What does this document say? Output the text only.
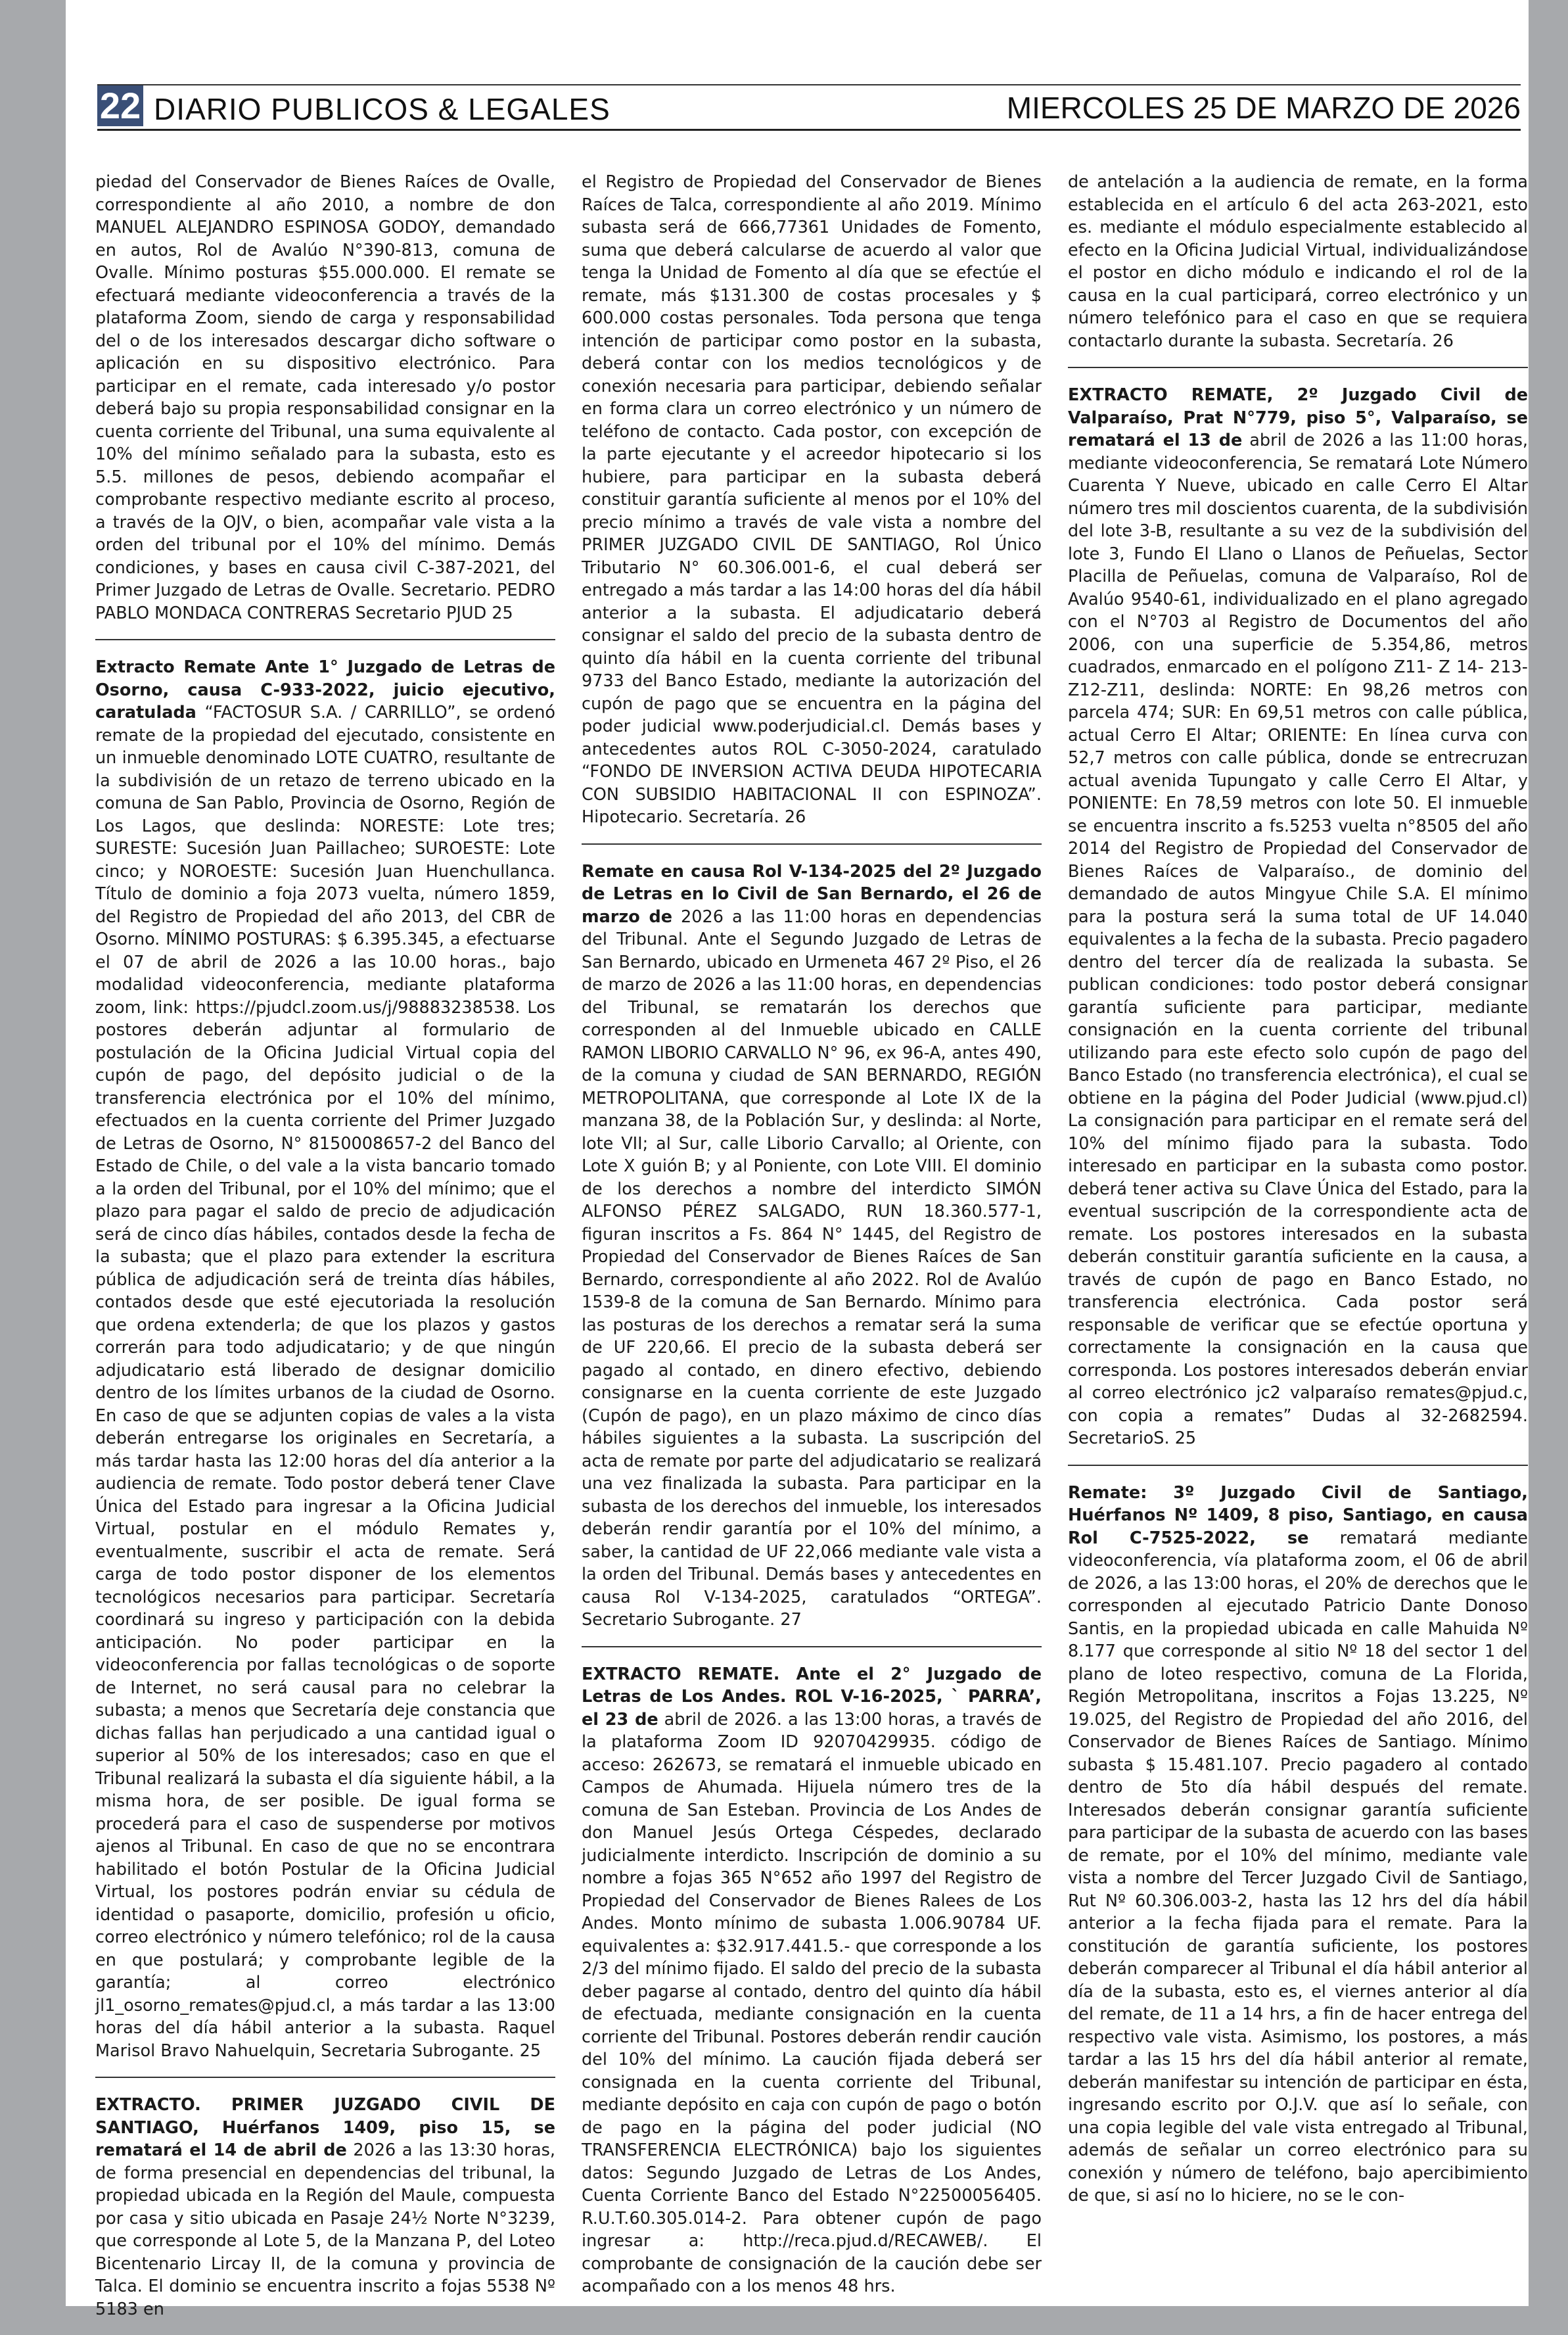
22 DIARIO PUBLICOS & LEGALES	MIERCOLES 25 DE MARZO DE 2026
piedad del Conservador de Bienes Raíces de Ovalle, correspondiente al año 2010, a nombre de don MANUEL ALEJANDRO ESPINOSA GODOY, demandado en autos, Rol de Avalúo N°390-813, comuna de Ovalle. Mínimo posturas $55.000.000. El remate se efectuará mediante videoconferencia a través de la plataforma Zoom, siendo de carga y responsabilidad del o de los interesados descargar dicho software o aplicación en su dispositivo electrónico. Para participar en el remate, cada interesado y/o postor deberá bajo su propia responsabilidad consignar en la cuenta corriente del Tribunal, una suma equivalente al 10% del mínimo señalado para la subasta, esto es 5.5. millones de pesos, debiendo acompañar el comprobante respectivo mediante escrito al proceso, a través de la OJV, o bien, acompañar vale vista a la orden del tribunal por el 10% del mínimo. Demás condiciones, y bases en causa civil C-387-2021, del Primer Juzgado de Letras de Ovalle. Secretario. PEDRO PABLO MONDACA CONTRERAS Secretario PJUD 25
Extracto Remate Ante 1° Juzgado de Letras de Osorno, causa C-933-2022, juicio ejecutivo, caratulada “FACTOSUR S.A. / CARRILLO”, se ordenó remate de la propiedad del ejecutado, consistente en un inmueble denominado LOTE CUATRO, resultante de la subdivisión de un retazo de terreno ubicado en la comuna de San Pablo, Provincia de Osorno, Región de Los Lagos, que deslinda: NORESTE: Lote tres; SURESTE: Sucesión Juan Paillacheo; SUROESTE: Lote cinco; y NOROESTE: Sucesión Juan Huenchullanca. Título de dominio a foja 2073 vuelta, número 1859, del Registro de Propiedad del año 2013, del CBR de Osorno. MÍNIMO POSTURAS: $ 6.395.345, a efectuarse el 07 de abril de 2026 a las 10.00 horas., bajo modalidad videoconferencia, mediante plataforma zoom, link: https://pjudcl.zoom.us/j/98883238538. Los postores deberán adjuntar al formulario de postulación de la Oficina Judicial Virtual copia del cupón de pago, del depósito judicial o de la transferencia electrónica por el 10% del mínimo, efectuados en la cuenta corriente del Primer Juzgado de Letras de Osorno, N° 8150008657-2 del Banco del Estado de Chile, o del vale a la vista bancario tomado a la orden del Tribunal, por el 10% del mínimo; que el plazo para pagar el saldo de precio de adjudicación será de cinco días hábiles, contados desde la fecha de la subasta; que el plazo para extender la escritura pública de adjudicación será de treinta días hábiles, contados desde que esté ejecutoriada la resolución que ordena extenderla; de que los plazos y gastos correrán para todo adjudicatario; y de que ningún adjudicatario está liberado de designar domicilio dentro de los límites urbanos de la ciudad de Osorno. En caso de que se adjunten copias de vales a la vista deberán entregarse los originales en Secretaría, a más tardar hasta las 12:00 horas del día anterior a la audiencia de remate. Todo postor deberá tener Clave Única del Estado para ingresar a la Oficina Judicial Virtual, postular en el módulo Remates y, eventualmente, suscribir el acta de remate. Será carga de todo postor disponer de los elementos tecnológicos necesarios para participar. Secretaría coordinará su ingreso y participación con la debida anticipación. No poder participar en la videoconferencia por fallas tecnológicas o de soporte de Internet, no será causal para no celebrar la subasta; a menos que Secretaría deje constancia que dichas fallas han perjudicado a una cantidad igual o superior al 50% de los interesados; caso en que el Tribunal realizará la subasta el día siguiente hábil, a la misma hora, de ser posible. De igual forma se procederá para el caso de suspenderse por motivos ajenos al Tribunal. En caso de que no se encontrara habilitado el botón Postular de la Oficina Judicial Virtual, los postores podrán enviar su cédula de identidad o pasaporte, domicilio, profesión u oficio, correo electrónico y número telefónico; rol de la causa en que postulará; y comprobante legible de la garantía; al correo electrónico jl1_osorno_remates@pjud.cl, a más tardar a las 13:00 horas del día hábil anterior a la subasta. Raquel Marisol Bravo Nahuelquin, Secretaria Subrogante. 25
EXTRACTO. PRIMER JUZGADO CIVIL DE SANTIAGO, Huérfanos 1409, piso 15, se rematará el 14 de abril de 2026 a las 13:30 horas, de forma presencial en dependencias del tribunal, la propiedad ubicada en la Región del Maule, compuesta por casa y sitio ubicada en Pasaje 24½ Norte N°3239, que corresponde al Lote 5, de la Manzana P, del Loteo Bicentenario Lircay II, de la comuna y provincia de Talca. El dominio se encuentra inscrito a fojas 5538 Nº 5183 en
el Registro de Propiedad del Conservador de Bienes Raíces de Talca, correspondiente al año 2019. Mínimo subasta será de 666,77361 Unidades de Fomento, suma que deberá calcularse de acuerdo al valor que tenga la Unidad de Fomento al día que se efectúe el remate, más $131.300 de costas procesales y $ 600.000 costas personales. Toda persona que tenga intención de participar como postor en la subasta, deberá contar con los medios tecnológicos y de conexión necesaria para participar, debiendo señalar en forma clara un correo electrónico y un número de teléfono de contacto. Cada postor, con excepción de la parte ejecutante y el acreedor hipotecario si los hubiere, para participar en la subasta deberá constituir garantía suficiente al menos por el 10% del precio mínimo a través de vale vista a nombre del PRIMER JUZGADO CIVIL DE SANTIAGO, Rol Único Tributario N° 60.306.001-6, el cual deberá ser entregado a más tardar a las 14:00 horas del día hábil anterior a la subasta. El adjudicatario deberá consignar el saldo del precio de la subasta dentro de quinto día hábil en la cuenta corriente del tribunal 9733 del Banco Estado, mediante la autorización del cupón de pago que se encuentra en la página del poder judicial www.poderjudicial.cl. Demás bases y antecedentes autos ROL C-3050-2024, caratulado “FONDO DE INVERSION ACTIVA DEUDA HIPOTECARIA CON SUBSIDIO HABITACIONAL II con ESPINOZA”. Hipotecario. Secretaría. 26
Remate en causa Rol V-134-2025 del 2º Juzgado de Letras en lo Civil de San Bernardo, el 26 de marzo de 2026 a las 11:00 horas en dependencias del Tribunal. Ante el Segundo Juzgado de Letras de San Bernardo, ubicado en Urmeneta 467 2º Piso, el 26 de marzo de 2026 a las 11:00 horas, en dependencias del Tribunal, se rematarán los derechos que corresponden al del Inmueble ubicado en CALLE RAMON LIBORIO CARVALLO N° 96, ex 96-A, antes 490, de la comuna y ciudad de SAN BERNARDO, REGIÓN METROPOLITANA, que corresponde al Lote IX de la manzana 38, de la Población Sur, y deslinda: al Norte, lote VII; al Sur, calle Liborio Carvallo; al Oriente, con Lote X guión B; y al Poniente, con Lote VIII. El dominio de los derechos a nombre del interdicto SIMÓN ALFONSO PÉREZ SALGADO, RUN 18.360.577-1, figuran inscritos a Fs. 864 N° 1445, del Registro de Propiedad del Conservador de Bienes Raíces de San Bernardo, correspondiente al año 2022. Rol de Avalúo 1539-8 de la comuna de San Bernardo. Mínimo para las posturas de los derechos a rematar será la suma de UF 220,66. El precio de la subasta deberá ser pagado al contado, en dinero efectivo, debiendo consignarse en la cuenta corriente de este Juzgado (Cupón de pago), en un plazo máximo de cinco días hábiles siguientes a la subasta. La suscripción del acta de remate por parte del adjudicatario se realizará una vez finalizada la subasta. Para participar en la subasta de los derechos del inmueble, los interesados deberán rendir garantía por el 10% del mínimo, a saber, la cantidad de UF 22,066 mediante vale vista a la orden del Tribunal. Demás bases y antecedentes en causa Rol V-134-2025, caratulados “ORTEGA”. Secretario Subrogante. 27
EXTRACTO REMATE. Ante el 2° Juzgado de Letras de Los Andes. ROL V-16-2025, ` PARRA’, el 23 de abril de 2026. a las 13:00 horas, a través de la plataforma Zoom ID 92070429935. código de acceso: 262673, se rematará el inmueble ubicado en Campos de Ahumada. Hijuela número tres de la comuna de San Esteban. Provincia de Los Andes de don Manuel Jesús Ortega Céspedes, declarado judicialmente interdicto. Inscripción de dominio a su nombre a fojas 365 N°652 año 1997 del Registro de Propiedad del Conservador de Bienes Ralees de Los Andes. Monto mínimo de subasta 1.006.90784 UF. equivalentes a: $32.917.441.5.- que corresponde a los 2/3 del mínimo fijado. El saldo del precio de la subasta deber pagarse al contado, dentro del quinto día hábil de efectuada, mediante consignación en la cuenta corriente del Tribunal. Postores deberán rendir caución del 10% del mínimo. La caución fijada deberá ser consignada en la cuenta corriente del Tribunal, mediante depósito en caja con cupón de pago o botón de pago en la página del poder judicial (NO TRANSFERENCIA ELECTRÓNICA) bajo los siguientes datos: Segundo Juzgado de Letras de Los Andes, Cuenta Corriente Banco del Estado N°22500056405. R.U.T.60.305.014-2. Para obtener cupón de pago ingresar a: http://reca.pjud.d/RECAWEB/. El comprobante de consignación de la caución debe ser acompañado con a los menos 48 hrs.
de antelación a la audiencia de remate, en la forma establecida en el artículo 6 del acta 263-2021, esto es. mediante el módulo especialmente establecido al efecto en la Oficina Judicial Virtual, individualizándose el postor en dicho módulo e indicando el rol de la causa en la cual participará, correo electrónico y un número telefónico para el caso en que se requiera contactarlo durante la subasta. Secretaría. 26
EXTRACTO REMATE, 2º Juzgado Civil de Valparaíso, Prat N°779, piso 5°, Valparaíso, se rematará el 13 de abril de 2026 a las 11:00 horas, mediante videoconferencia, Se rematará Lote Número Cuarenta Y Nueve, ubicado en calle Cerro El Altar número tres mil doscientos cuarenta, de la subdivisión del lote 3-B, resultante a su vez de la subdivisión del lote 3, Fundo El Llano o Llanos de Peñuelas, Sector Placilla de Peñuelas, comuna de Valparaíso, Rol de Avalúo 9540-61, individualizado en el plano agregado con el N°703 al Registro de Documentos del año 2006, con una superficie de 5.354,86, metros cuadrados, enmarcado en el polígono Z11- Z 14- 213- Z12-Z11, deslinda: NORTE: En 98,26 metros con parcela 474; SUR: En 69,51 metros con calle pública, actual Cerro El Altar; ORIENTE: En línea curva con 52,7 metros con calle pública, donde se entrecruzan actual avenida Tupungato y calle Cerro El Altar, y PONIENTE: En 78,59 metros con lote 50. El inmueble se encuentra inscrito a fs.5253 vuelta n°8505 del año 2014 del Registro de Propiedad del Conservador de Bienes Raíces de Valparaíso., de dominio del demandado de autos Mingyue Chile S.A. El mínimo para la postura será la suma total de UF 14.040 equivalentes a la fecha de la subasta. Precio pagadero dentro del tercer día de realizada la subasta. Se publican condiciones: todo postor deberá consignar garantía suficiente para participar, mediante consignación en la cuenta corriente del tribunal utilizando para este efecto solo cupón de pago del Banco Estado (no transferencia electrónica), el cual se obtiene en la página del Poder Judicial (www.pjud.cl) La consignación para participar en el remate será del 10% del mínimo fijado para la subasta. Todo interesado en participar en la subasta como postor. deberá tener activa su Clave Única del Estado, para la eventual suscripción de la correspondiente acta de remate. Los postores interesados en la subasta deberán constituir garantía suficiente en la causa, a través de cupón de pago en Banco Estado, no transferencia electrónica. Cada postor será responsable de verificar que se efectúe oportuna y correctamente la consignación en la causa que corresponda. Los postores interesados deberán enviar al correo electrónico jc2 valparaíso remates@pjud.c, con copia a remates” Dudas al 32-2682594. SecretarioS. 25
Remate: 3º Juzgado Civil de Santiago, Huérfanos Nº 1409, 8 piso, Santiago, en causa Rol C-7525-2022, se rematará mediante videoconferencia, vía plataforma zoom, el 06 de abril de 2026, a las 13:00 horas, el 20% de derechos que le corresponden al ejecutado Patricio Dante Donoso Santis, en la propiedad ubicada en calle Mahuida Nº 8.177 que corresponde al sitio Nº 18 del sector 1 del plano de loteo respectivo, comuna de La Florida, Región Metropolitana, inscritos a Fojas 13.225, Nº 19.025, del Registro de Propiedad del año 2016, del Conservador de Bienes Raíces de Santiago. Mínimo subasta $ 15.481.107. Precio pagadero al contado dentro de 5to día hábil después del remate. Interesados deberán consignar garantía suficiente para participar de la subasta de acuerdo con las bases de remate, por el 10% del mínimo, mediante vale vista a nombre del Tercer Juzgado Civil de Santiago, Rut Nº 60.306.003-2, hasta las 12 hrs del día hábil anterior a la fecha fijada para el remate. Para la constitución de garantía suficiente, los postores deberán comparecer al Tribunal el día hábil anterior al día de la subasta, esto es, el viernes anterior al día del remate, de 11 a 14 hrs, a fin de hacer entrega del respectivo vale vista. Asimismo, los postores, a más tardar a las 15 hrs del día hábil anterior al remate, deberán manifestar su intención de participar en ésta, ingresando escrito por O.J.V. que así lo señale, con una copia legible del vale vista entregado al Tribunal, además de señalar un correo electrónico para su conexión y número de teléfono, bajo apercibimiento de que, si así no lo hiciere, no se le con-
